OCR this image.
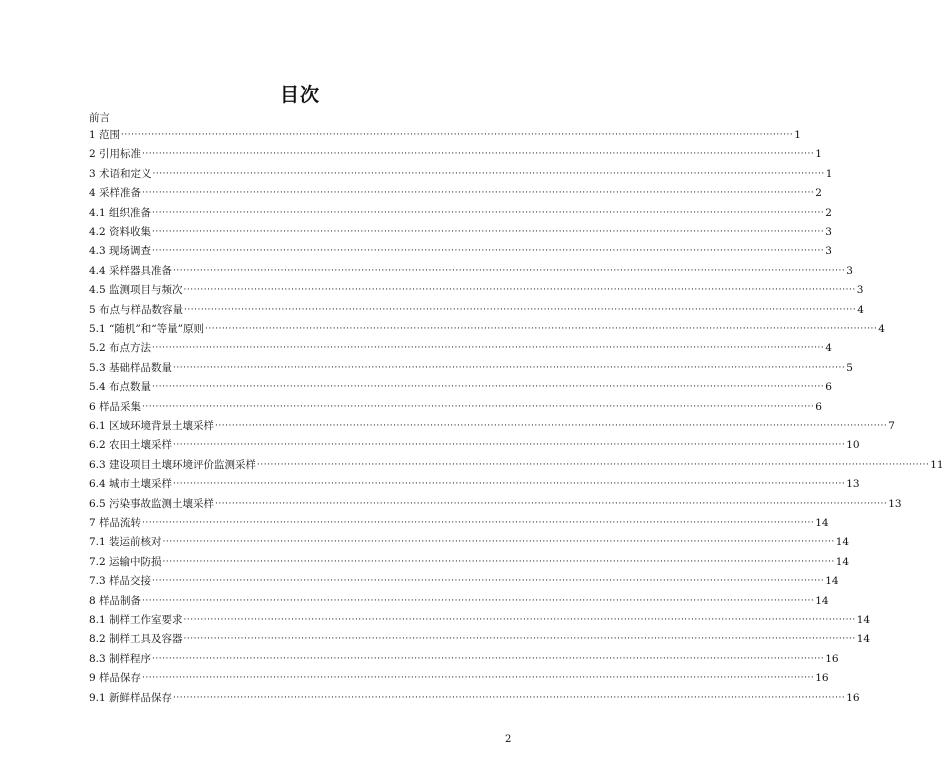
目次
前言
1 范围 ········································································································································································································ 1
2 引用标准 ········································································································································································································ 1
3 术语和定义 ········································································································································································································ 1
4 采样准备 ········································································································································································································ 2
4.1 组织准备 ········································································································································································································ 2
4.2 资料收集 ········································································································································································································ 3
4.3 现场调查 ········································································································································································································ 3
4.4 采样器具准备 ········································································································································································································ 3
4.5 监测项目与频次 ········································································································································································································ 3
5 布点与样品数容量 ········································································································································································································ 4
5.1 “随机”和“等量”原则 ········································································································································································································ 4
5.2 布点方法 ········································································································································································································ 4
5.3 基础样品数量 ········································································································································································································ 5
5.4 布点数量 ········································································································································································································ 6
6 样品采集 ········································································································································································································ 6
6.1 区域环境背景土壤采样 ········································································································································································································ 7
6.2 农田土壤采样 ········································································································································································································ 10
6.3 建设项目土壤环境评价监测采样 ········································································································································································································ 11
6.4 城市土壤采样 ········································································································································································································ 13
6.5 污染事故监测土壤采样 ········································································································································································································ 13
7 样品流转 ········································································································································································································ 14
7.1 装运前核对 ········································································································································································································ 14
7.2 运输中防损 ········································································································································································································ 14
7.3 样品交接 ········································································································································································································ 14
8 样品制备 ········································································································································································································ 14
8.1 制样工作室要求 ········································································································································································································ 14
8.2 制样工具及容器 ········································································································································································································ 14
8.3 制样程序 ········································································································································································································ 16
9 样品保存 ········································································································································································································ 16
9.1 新鲜样品保存 ········································································································································································································ 16
2
